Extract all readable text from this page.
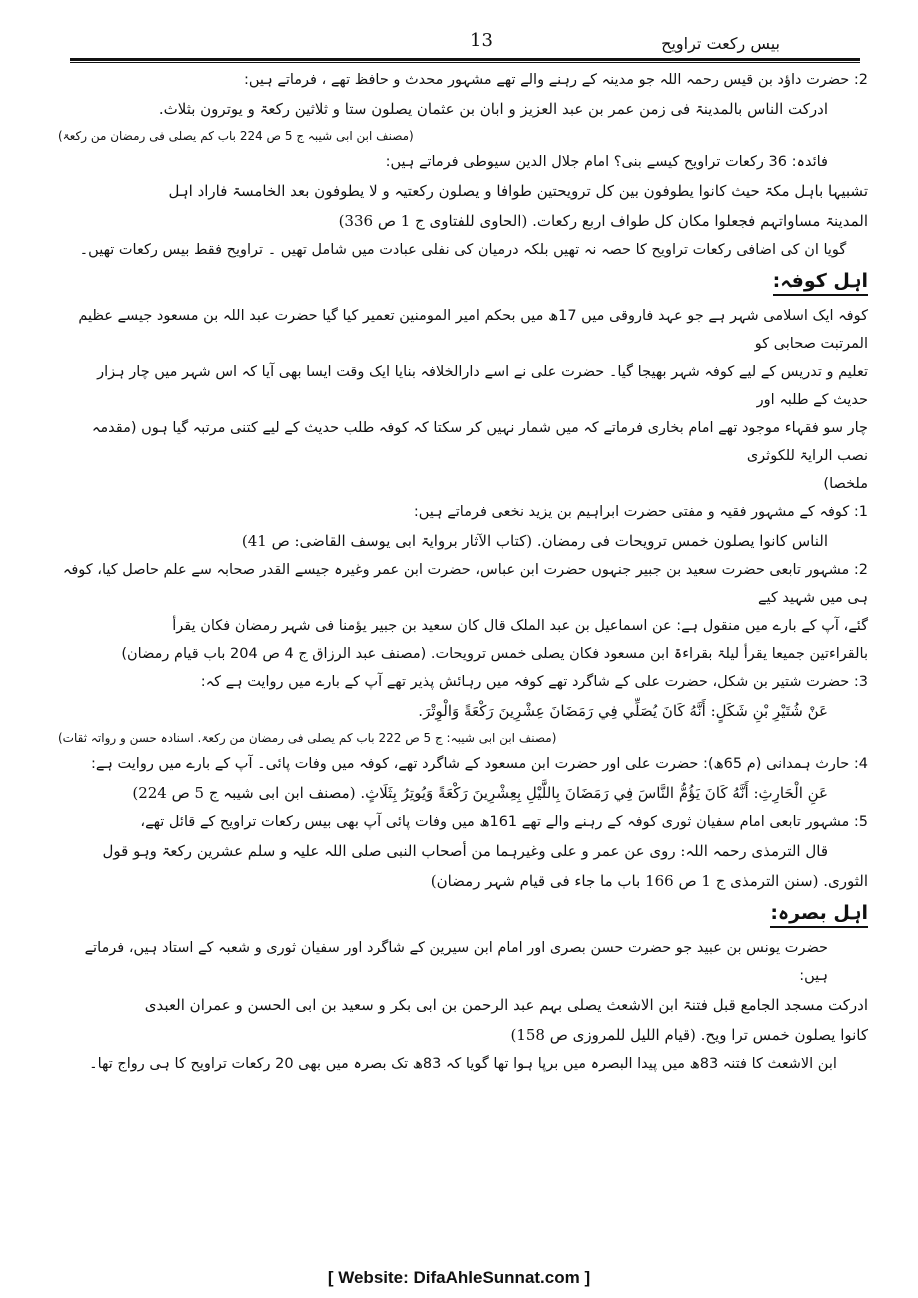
بیس رکعت تراویح
13
2: حضرت داؤد بن قیس رحمہ اللہ جو مدینہ کے رہنے والے تھے مشہور محدث و حافظ تھے ، فرماتے ہیں:
ادرکت الناس بالمدینۃ فی زمن عمر بن عبد العزیز و ابان بن عثمان یصلون ستا و ثلاثین رکعۃ و یوترون بثلاث.
(مصنف ابن ابی شیبہ ج 5 ص 224 باب کم یصلی فی رمضان من رکعۃ)
فائدہ: 36 رکعات تراویح کیسے بنی؟ امام جلال الدین سیوطی فرماتے ہیں:
تشبیہا باہل مکۃ حیث کانوا یطوفون بین کل ترویحتین طوافا و یصلون رکعتیہ و لا یطوفون بعد الخامسۃ فاراد اہل
المدینۃ مساواتہم فجعلوا مکان کل طواف اربع رکعات. (الحاوی للفتاوی ج 1 ص 336)
گویا ان کی اضافی رکعات تراویح کا حصہ نہ تھیں بلکہ درمیان کی نفلی عبادت میں شامل تھیں ۔ تراویح فقط بیس رکعات تھیں۔
اہل کوفہ:
کوفہ ایک اسلامی شہر ہے جو عہد فاروقی میں 17ھ میں بحکم امیر المومنین تعمیر کیا گیا حضرت عبد اللہ بن مسعود جیسے عظیم المرتبت صحابی کو
تعلیم و تدریس کے لیے کوفہ شہر بھیجا گیا۔ حضرت علی نے اسے دارالخلافہ بنایا ایک وقت ایسا بھی آیا کہ اس شہر میں چار ہزار حدیث کے طلبہ اور
چار سو فقہاء موجود تھے امام بخاری فرماتے کہ میں شمار نہیں کر سکتا کہ کوفہ طلب حدیث کے لیے کتنی مرتبہ گیا ہوں (مقدمہ نصب الرایۃ للکوثری
ملخصا)
1: کوفہ کے مشہور فقیہ و مفتی حضرت ابراہیم بن یزید نخعی فرماتے ہیں:
الناس کانوا یصلون خمس ترویحات فی رمضان. (کتاب الآثار بروایۃ ابی یوسف القاضی: ص 41)
2: مشہور تابعی حضرت سعید بن جبیر جنہوں حضرت ابن عباس، حضرت ابن عمر وغیرہ جیسے القدر صحابہ سے علم حاصل کیا، کوفہ ہی میں شہید کیے
گئے، آپ کے بارے میں منقول ہے: عن اسماعیل بن عبد الملک قال کان سعید بن جبیر یؤمنا فی شہر رمضان فکان یقرأ
بالقراءتین جمیعا یقرأ لیلۃ بقراءۃ ابن مسعود فکان یصلی خمس ترویحات. (مصنف عبد الرزاق ج 4 ص 204 باب قیام رمضان)
3: حضرت شتیر بن شکل، حضرت علی کے شاگرد تھے کوفہ میں رہائش پذیر تھے آپ کے بارے میں روایت ہے کہ:
عَنْ شُتَيْرِ بْنِ شَكَلٍ: أَنَّهُ كَانَ يُصَلِّي فِي رَمَضَانَ عِشْرِينَ رَكْعَةً وَالْوِتْرَ.
(مصنف ابن ابی شیبہ: ج 5 ص 222 باب کم یصلی فی رمضان من رکعۃ. اسنادہ حسن و رواتہ ثقات)
4: حارث ہمدانی (م 65ھ): حضرت علی اور حضرت ابن مسعود کے شاگرد تھے، کوفہ میں وفات پائی۔ آپ کے بارے میں روایت ہے:
عَنِ الْحَارِثِ: أَنَّهُ كَانَ يَؤُمُّ النَّاسَ فِي رَمَضَانَ بِاللَّيْلِ بِعِشْرِينَ رَكْعَةً وَيُوتِرُ بِثَلَاثٍ. (مصنف ابن ابی شیبہ ج 5 ص 224)
5: مشہور تابعی امام سفیان ثوری کوفہ کے رہنے والے تھے 161ھ میں وفات پائی آپ بھی بیس رکعات تراویح کے قائل تھے،
قال الترمذی رحمہ اللہ: روی عن عمر و علی وغیرہما من أصحاب النبی صلی اللہ علیہ و سلم عشرین رکعۃ وہو قول
الثوری. (سنن الترمذی ج 1 ص 166 باب ما جاء فی قیام شہر رمضان)
اہل بصرہ:
حضرت یونس بن عبید جو حضرت حسن بصری اور امام ابن سیرین کے شاگرد اور سفیان ثوری و شعبہ کے استاد ہیں، فرماتے ہیں:
ادرکت مسجد الجامع قبل فتنۃ ابن الاشعث یصلی بہم عبد الرحمن بن ابی بکر و سعید بن ابی الحسن و عمران العبدی
کانوا یصلون خمس ترا ویح. (قیام اللیل للمروزی ص 158)
ابن الاشعث کا فتنہ 83ھ میں پیدا البصرہ میں برپا ہوا تھا گویا کہ 83ھ تک بصرہ میں بھی 20 رکعات تراویح کا ہی رواج تھا۔
[ Website: DifaAhleSunnat.com ]
